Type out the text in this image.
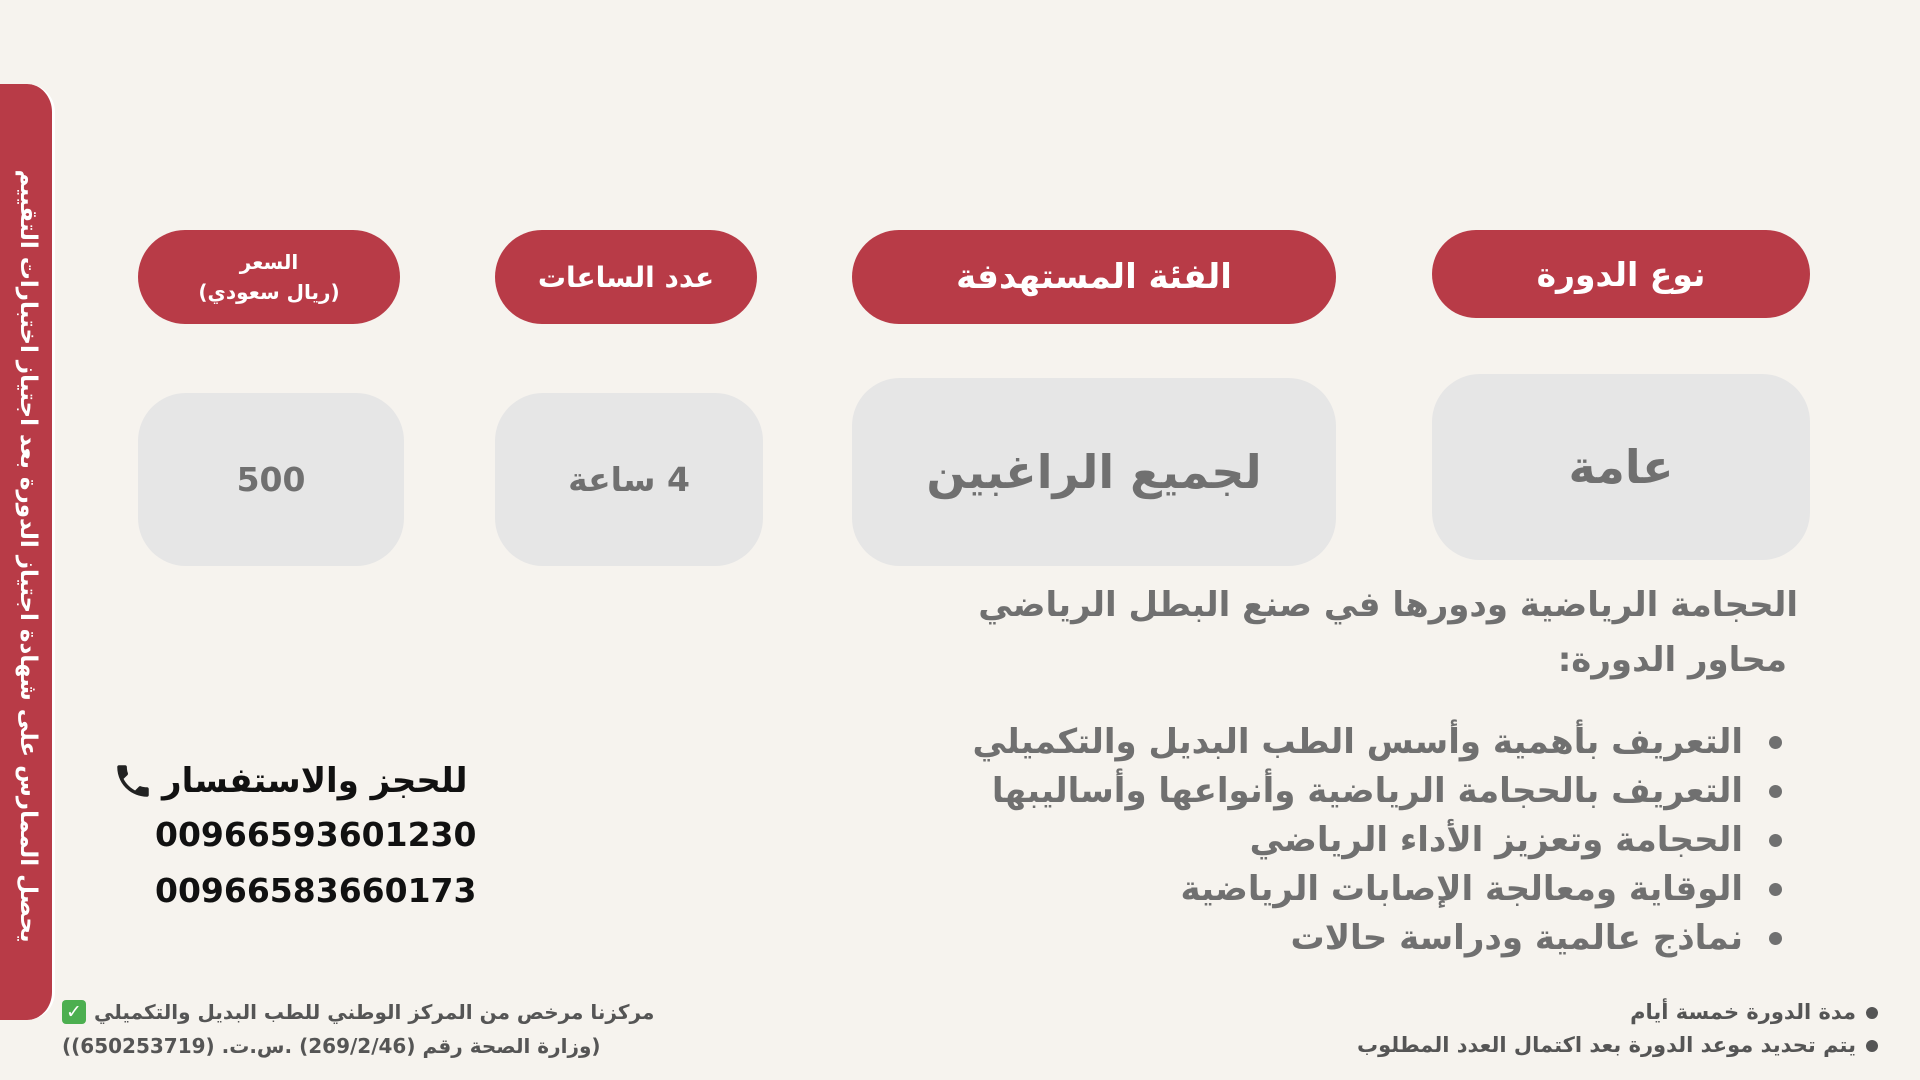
يحصل الممارس على شهادة اجتياز الدورة بعد اجتياز اختبارات التقييم	نوع الدورة
الفئة المستهدفة
عدد الساعات
السعر
(ريال سعودي)
عامة
لجميع الراغبين
4 ساعة
500
الحجامة الرياضية ودورها في صنع البطل الرياضي
محاور الدورة:
التعريف بأهمية وأسس الطب البديل والتكميلي
التعريف بالحجامة الرياضية وأنواعها وأساليبها
الحجامة وتعزيز الأداء الرياضي
الوقاية ومعالجة الإصابات الرياضية
نماذج عالمية ودراسة حالات
للحجز والاستفسار
00966593601230
00966583660173
مركزنا مرخص من المركز الوطني للطب البديل والتكميلي
✓
(وزارة الصحة رقم (269/2/46) .س.ت. (650253719))
مدة الدورة خمسة أيام
يتم تحديد موعد الدورة بعد اكتمال العدد المطلوب
